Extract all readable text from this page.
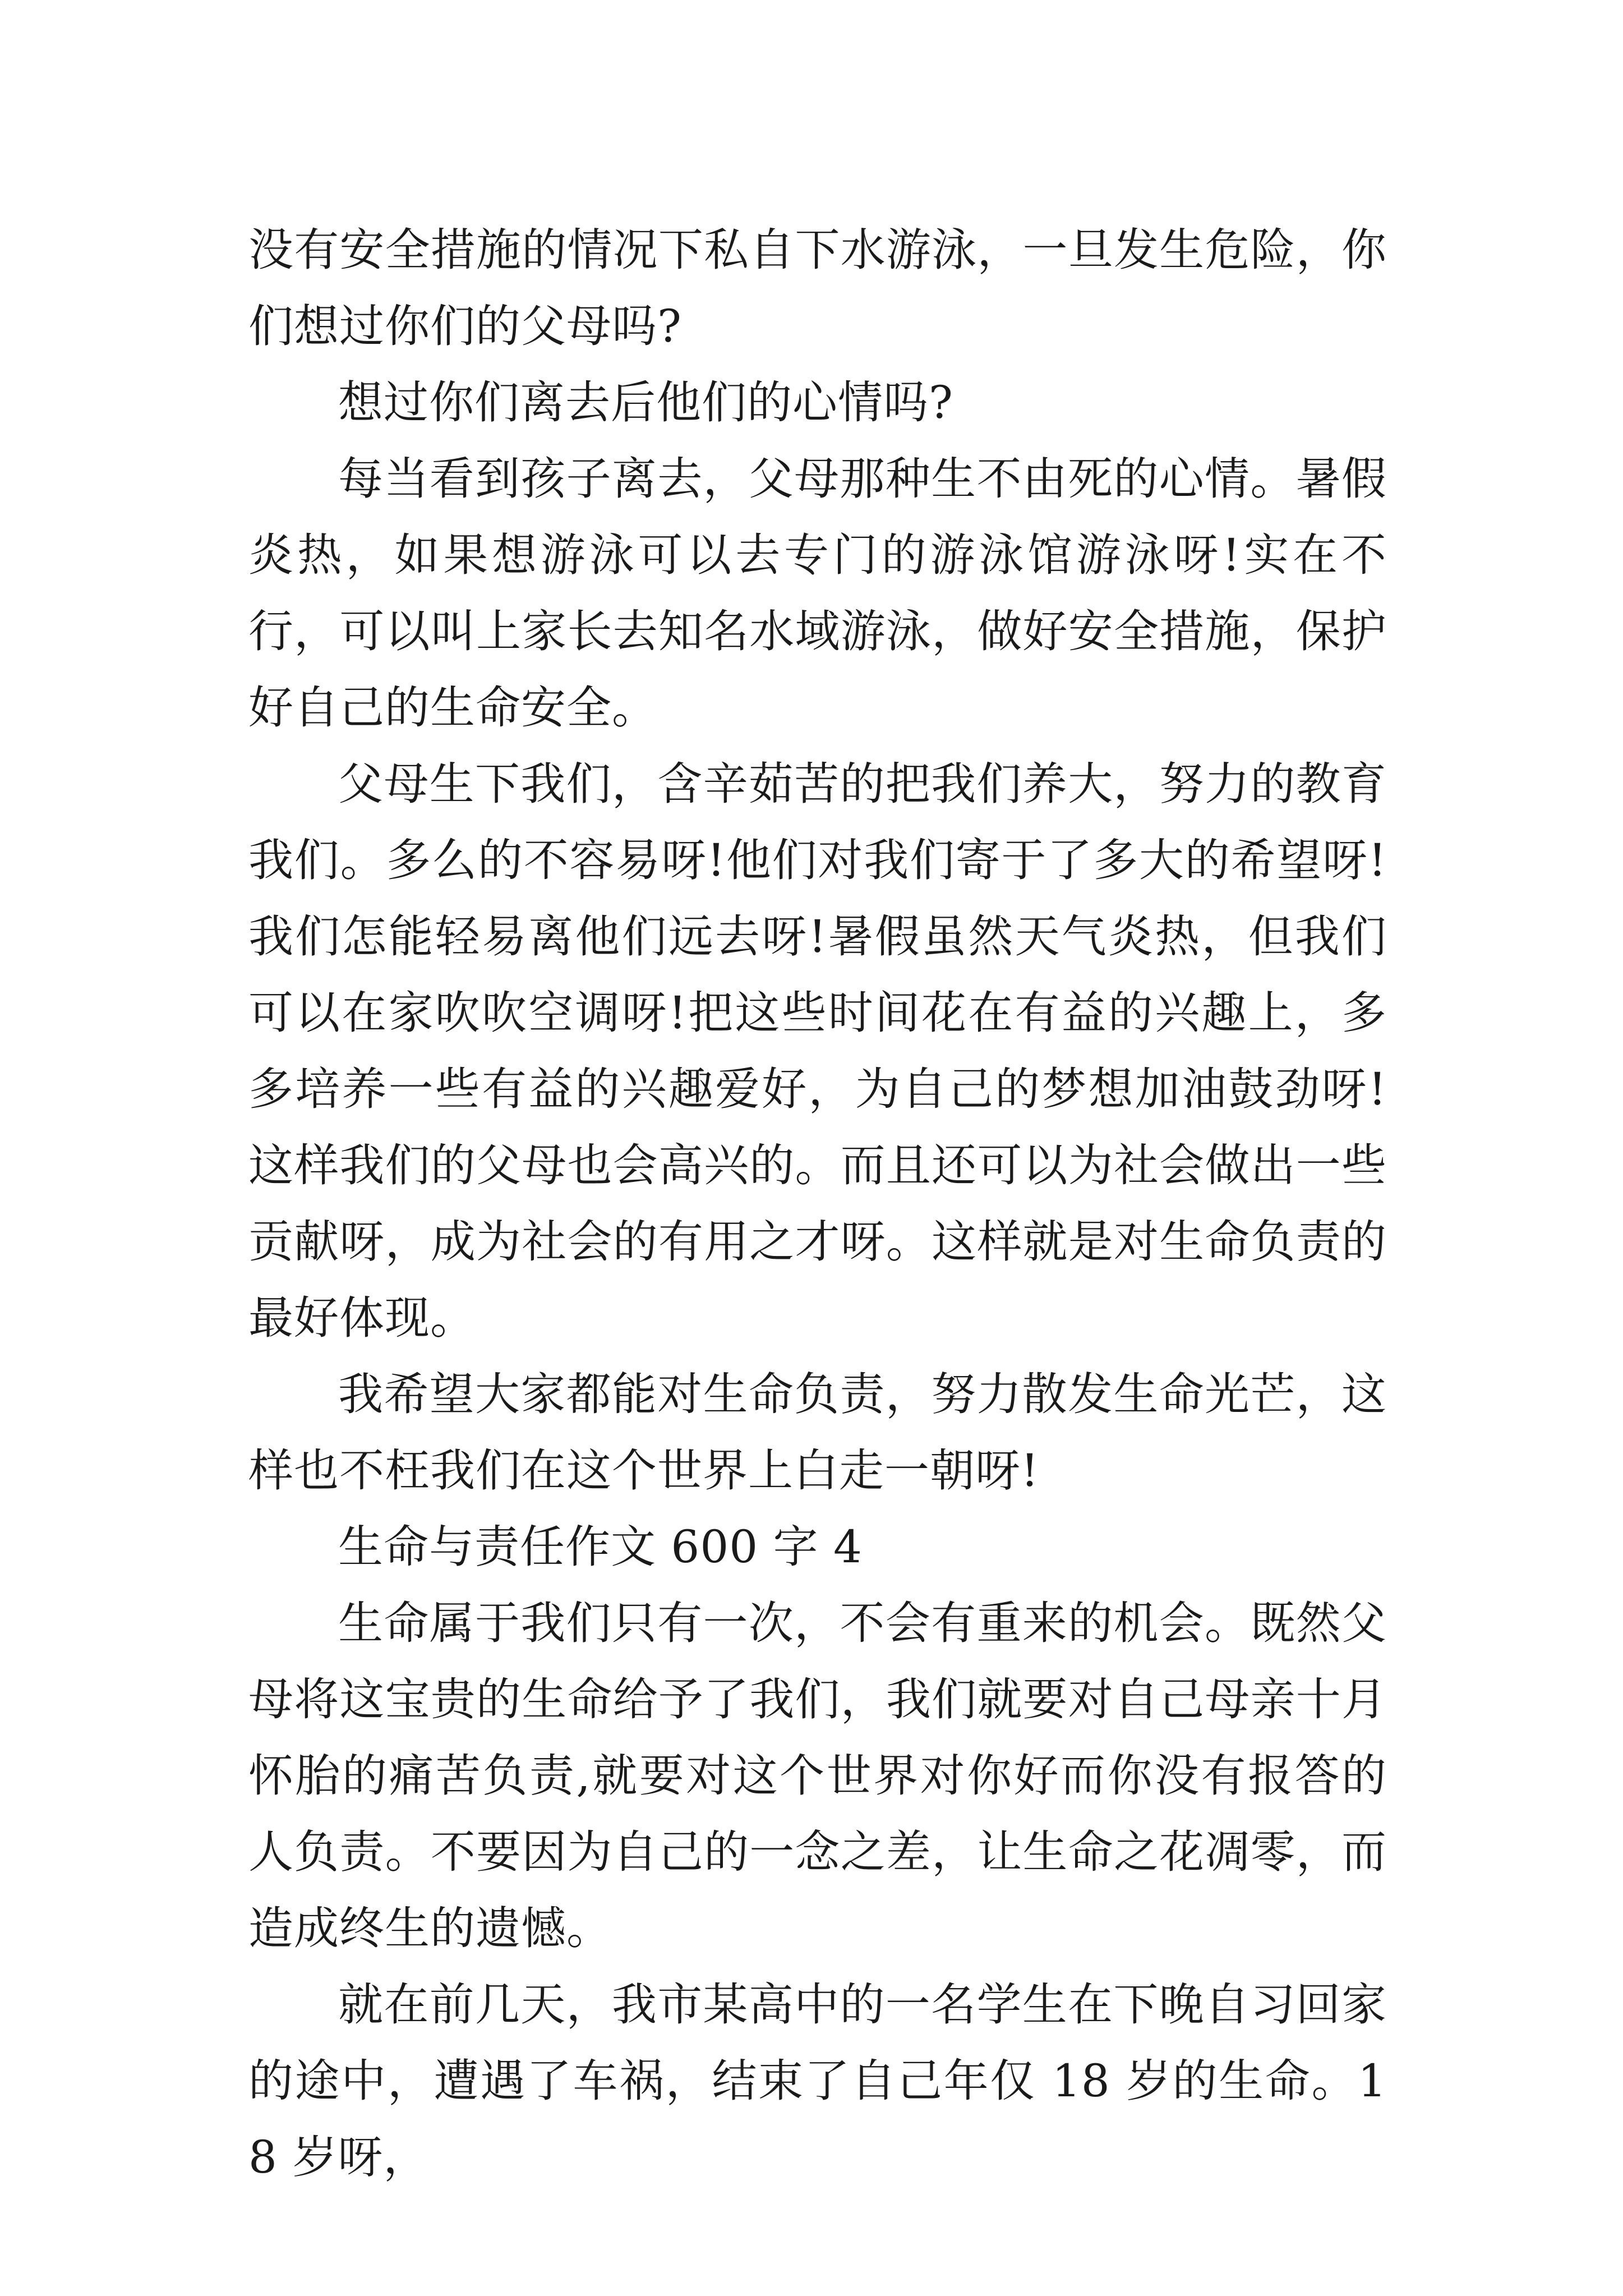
没有安全措施的情况下私自下水游泳，一旦发生危险，你们想过你们的父母吗?

想过你们离去后他们的心情吗?

每当看到孩子离去，父母那种生不由死的心情。暑假炎热，如果想游泳可以去专门的游泳馆游泳呀!实在不行，可以叫上家长去知名水域游泳，做好安全措施，保护好自己的生命安全。

父母生下我们，含辛茹苦的把我们养大，努力的教育我们。多么的不容易呀!他们对我们寄于了多大的希望呀!我们怎能轻易离他们远去呀!暑假虽然天气炎热，但我们可以在家吹吹空调呀!把这些时间花在有益的兴趣上，多多培养一些有益的兴趣爱好，为自己的梦想加油鼓劲呀!这样我们的父母也会高兴的。而且还可以为社会做出一些贡献呀，成为社会的有用之才呀。这样就是对生命负责的最好体现。

我希望大家都能对生命负责，努力散发生命光芒，这样也不枉我们在这个世界上白走一朝呀!

生命与责任作文 600 字 4

生命属于我们只有一次，不会有重来的机会。既然父母将这宝贵的生命给予了我们，我们就要对自己母亲十月怀胎的痛苦负责,就要对这个世界对你好而你没有报答的人负责。不要因为自己的一念之差，让生命之花凋零，而造成终生的遗憾。

就在前几天，我市某高中的一名学生在下晚自习回家的途中，遭遇了车祸，结束了自己年仅 18 岁的生命。18 岁呀，
